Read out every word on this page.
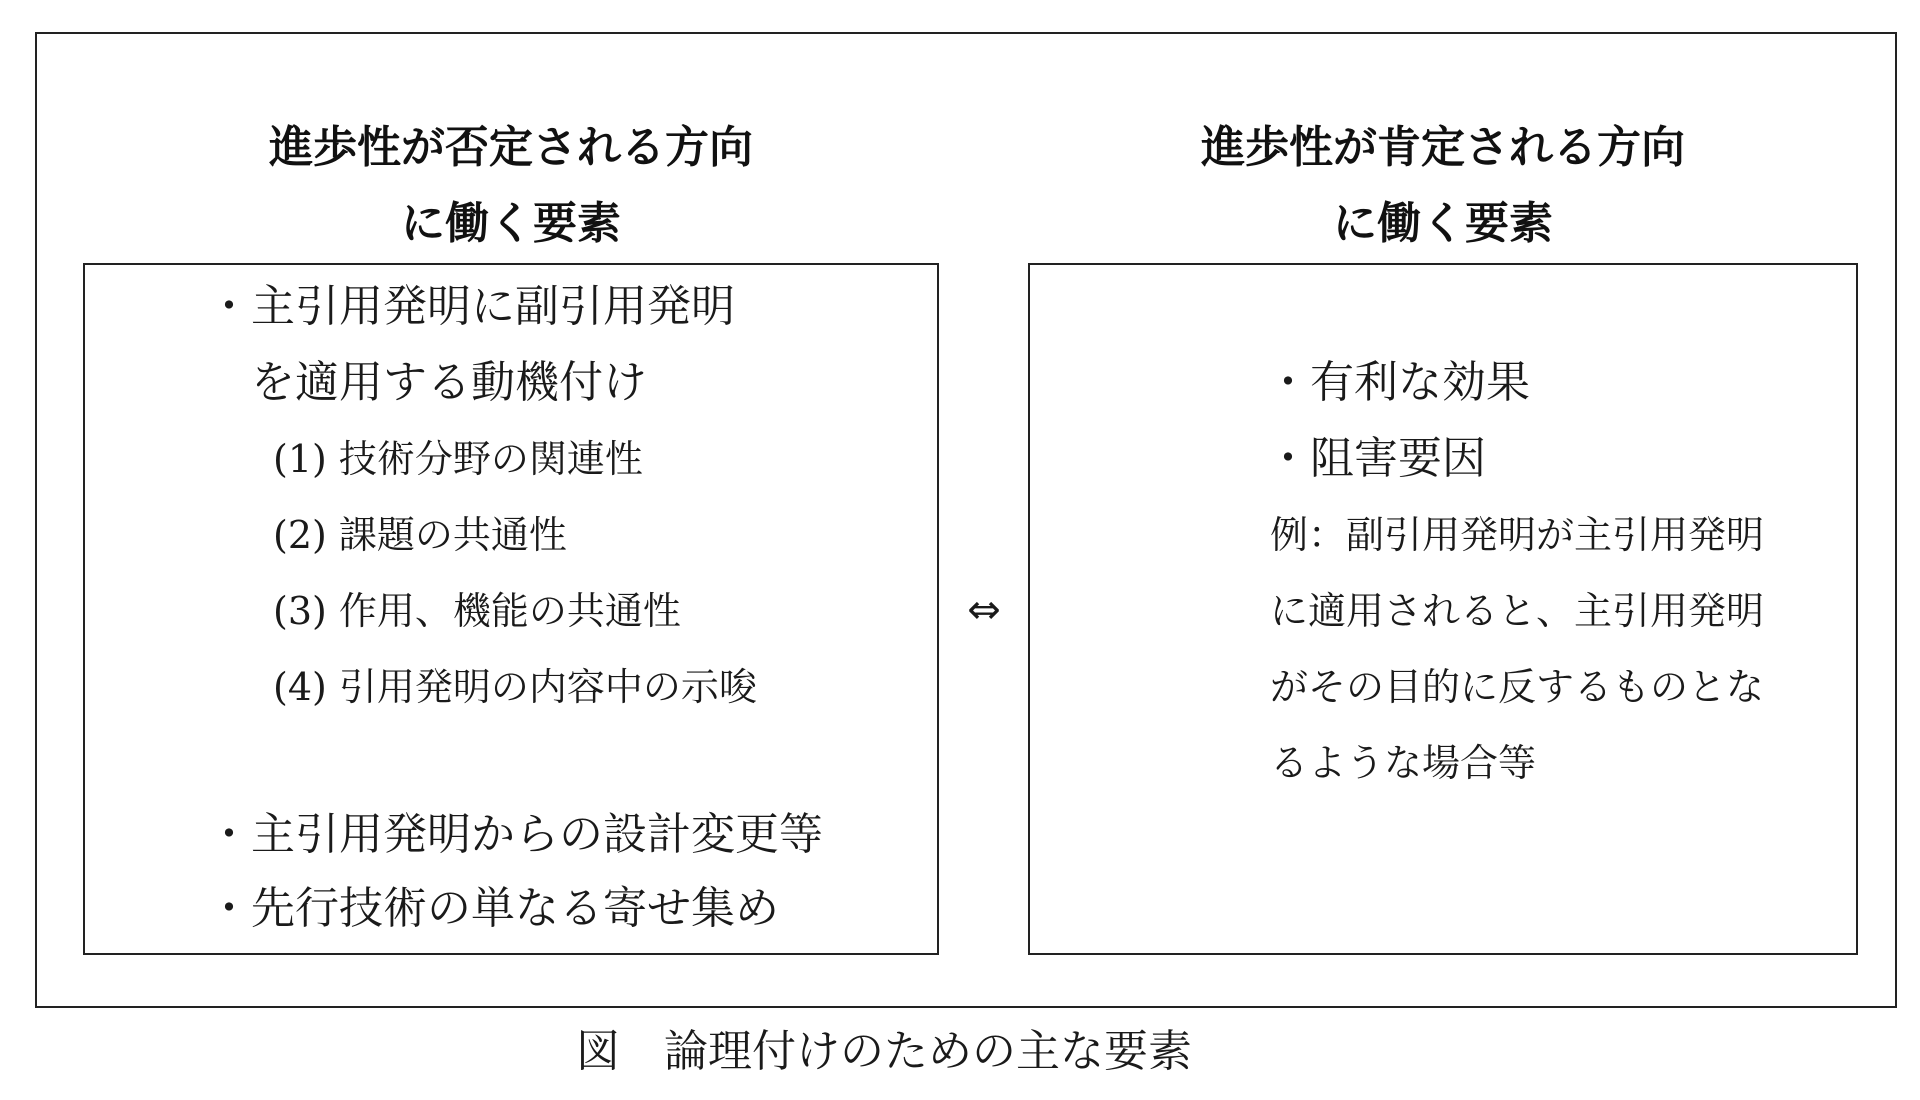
進歩性が否定される方向
に働く要素
進歩性が肯定される方向
に働く要素
・主引用発明に副引用発明
を適用する動機付け
(1) 技術分野の関連性
(2) 課題の共通性
(3) 作用、機能の共通性
(4) 引用発明の内容中の示唆
・主引用発明からの設計変更等
・先行技術の単なる寄せ集め
⇔
・有利な効果
・阻害要因
例：副引用発明が主引用発明
に適用されると、主引用発明
がその目的に反するものとな
るような場合等
図 論理付けのための主な要素
